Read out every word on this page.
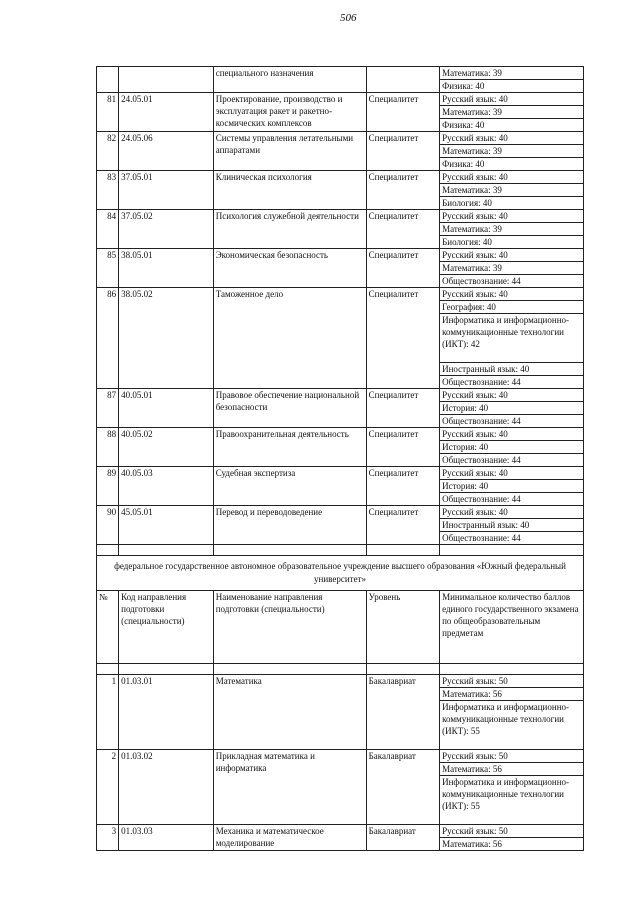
506
		специального назначения			Математика: 39
Физика: 40

81	24.05.01	Проектирование, производство и эксплуатация ракет и ракетно-космических комплексов	Специалитет		Русский язык: 40
Математика: 39
Физика: 40

82	24.05.06	Системы управления летательными аппаратами	Специалитет		Русский язык: 40
Математика: 39
Физика: 40

83	37.05.01	Клиническая психология	Специалитет		Русский язык: 40
Математика: 39
Биология: 40

84	37.05.02	Психология служебной деятельности	Специалитет		Русский язык: 40
Математика: 39
Биология: 40

85	38.05.01	Экономическая безопасность	Специалитет		Русский язык: 40
Математика: 39
Обществознание: 44

86	38.05.02	Таможенное дело	Специалитет		Русский язык: 40
География: 40
Информатика и информационно-коммуникационные технологии (ИКТ): 42
Иностранный язык: 40
Обществознание: 44

87	40.05.01	Правовое обеспечение национальной безопасности	Специалитет		Русский язык: 40
История: 40
Обществознание: 44

88	40.05.02	Правоохранительная деятельность	Специалитет		Русский язык: 40
История: 40
Обществознание: 44

89	40.05.03	Судебная экспертиза	Специалитет		Русский язык: 40
История: 40
Обществознание: 44

90	45.05.01	Перевод и переводоведение	Специалитет		Русский язык: 40
Иностранный язык: 40
Обществознание: 44

федеральное государственное автономное образовательное учреждение высшего образования «Южный федеральный университет»
№	Код направления подготовки (специальности)	Наименование направления подготовки (специальности)	Уровень	Минимальное количество баллов единого государственного экзамена по общеобразовательным предметам

1	01.03.01	Математика	Бакалавриат		Русский язык: 50
Математика: 56
Информатика и информационно-коммуникационные технологии (ИКТ): 55

2	01.03.02	Прикладная математика и информатика	Бакалавриат		Русский язык: 50
Математика: 56
Информатика и информационно-коммуникационные технологии (ИКТ): 55

3	01.03.03	Механика и математическое моделирование	Бакалавриат		Русский язык: 50
Математика: 56
